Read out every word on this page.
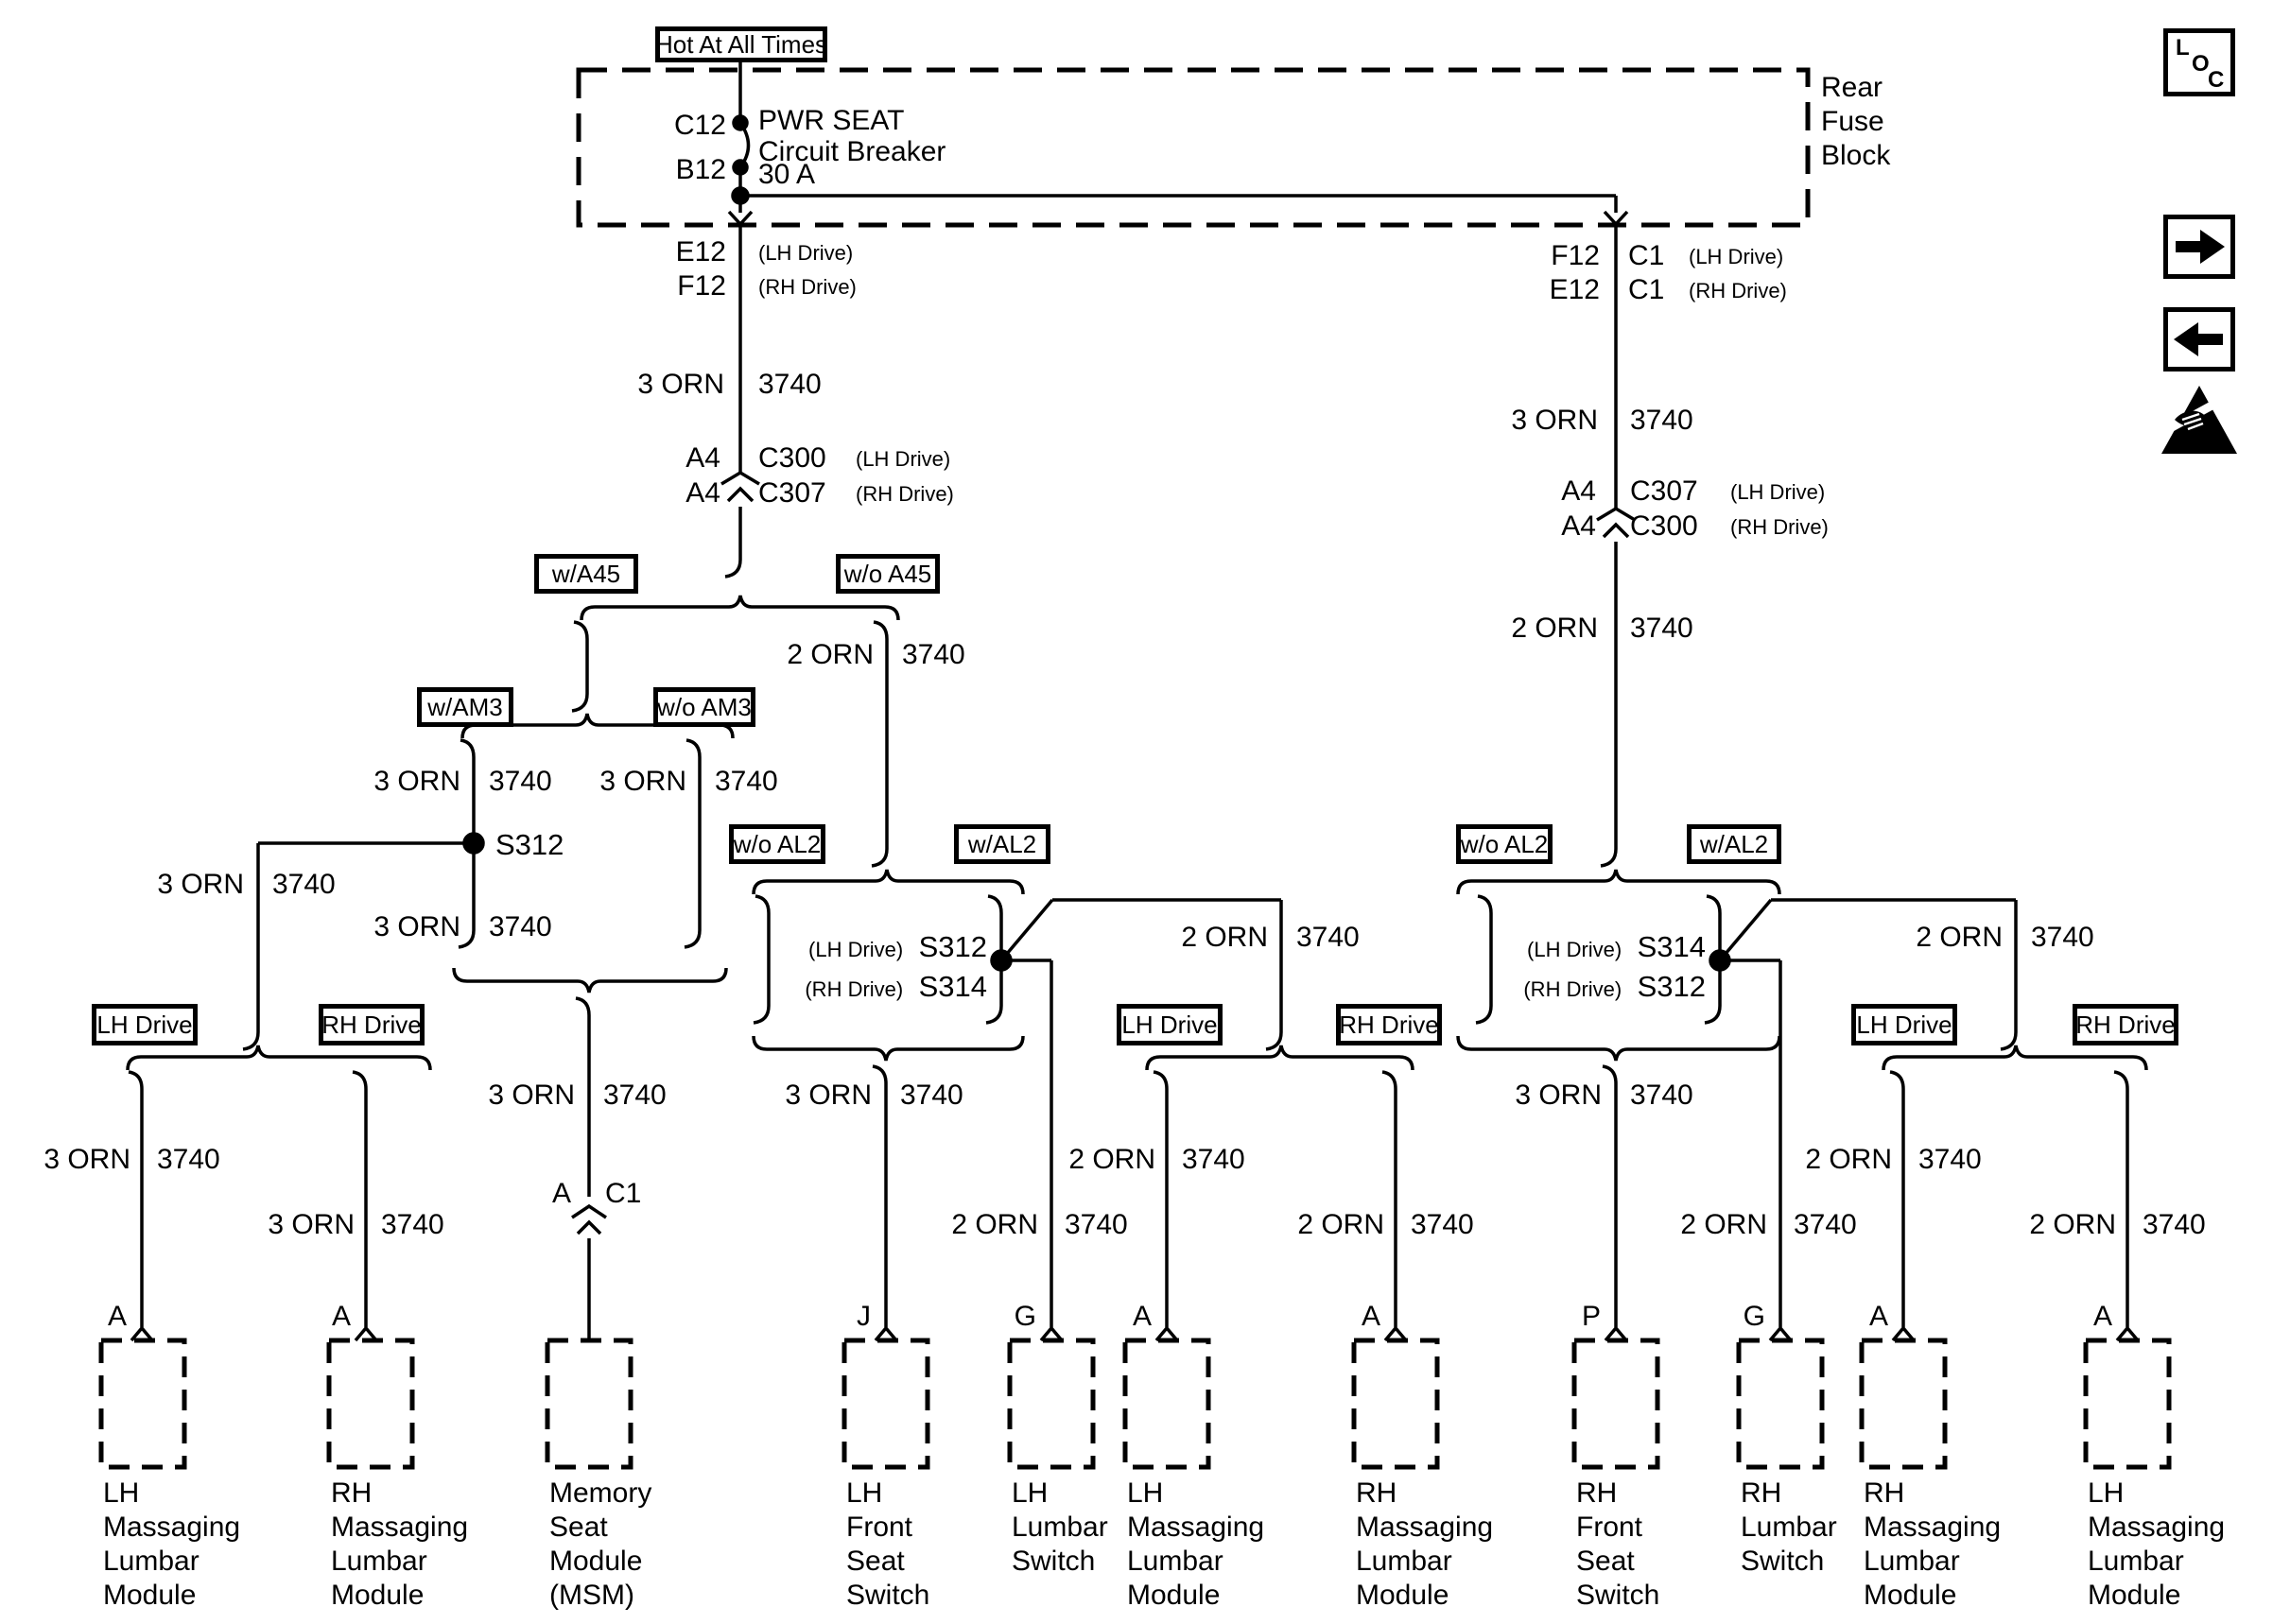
Hot At All Times
w/A45	w/o A45
w/AM3	w/o AM3
w/o AL2	w/AL2	w/o AL2	w/AL2
LH Drive	RH Drive	LH Drive	RH Drive	LH Drive	RH Drive
Rear
Fuse
Block
C12
B12
PWR SEAT
Circuit Breaker
30 A
E12 (LH Drive)
F12 (RH Drive)
3 ORN 3740
A4 C300 (LH Drive)
A4 C307 (RH Drive)
F12 C1 (LH Drive)
E12 C1 (RH Drive)
3 ORN 3740
A4 C307 (LH Drive)
A4 C300 (RH Drive)
2 ORN 3740
3 ORN 3740 3 ORN 3740
S312
3 ORN 3740
3 ORN 3740
2 ORN 3740
3 ORN 3740
A C1
3 ORN 3740
3 ORN 3740
(LH Drive) S312
(RH Drive) S314
3 ORN 3740
2 ORN 3740
2 ORN 3740
2 ORN 3740
2 ORN 3740
(LH Drive) S314
(RH Drive) S312
3 ORN 3740
2 ORN 3740
2 ORN 3740
2 ORN 3740
2 ORN 3740
A	A	J	G	A	A	P	G	A	A
LH
Massaging
Lumbar
Module
RH
Massaging
Lumbar
Module
Memory
Seat
Module
(MSM)
LH
Front
Seat
Switch
LH
Lumbar
Switch
LH
Massaging
Lumbar
Module
RH
Massaging
Lumbar
Module
RH
Front
Seat
Switch
RH
Lumbar
Switch
RH
Massaging
Lumbar
Module
LH
Massaging
Lumbar
Module
L
O
C
